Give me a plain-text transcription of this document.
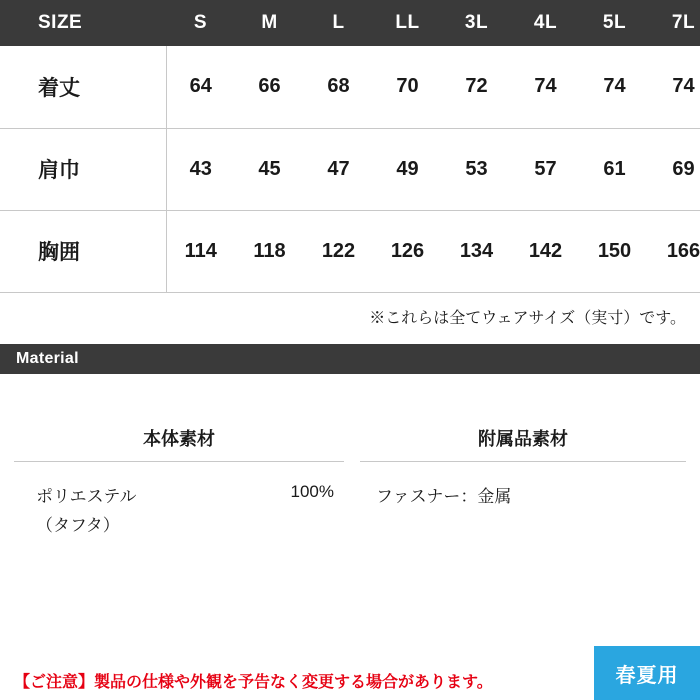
SIZE	S	M	L	LL	3L	4L	5L	7L
着丈	64	66	68	70	72	74	74	74
肩巾	43	45	47	49	53	57	61	69
胸囲	114	118	122	126	134	142	150	166
※これらは全てウェアサイズ（実寸）です。
Material
	本体素材		附属品素材	

	ポリエステル 100%
（タフタ）		ファスナー：金属	
【ご注意】製品の仕様や外観を予告なく変更する場合があります。	春夏用
